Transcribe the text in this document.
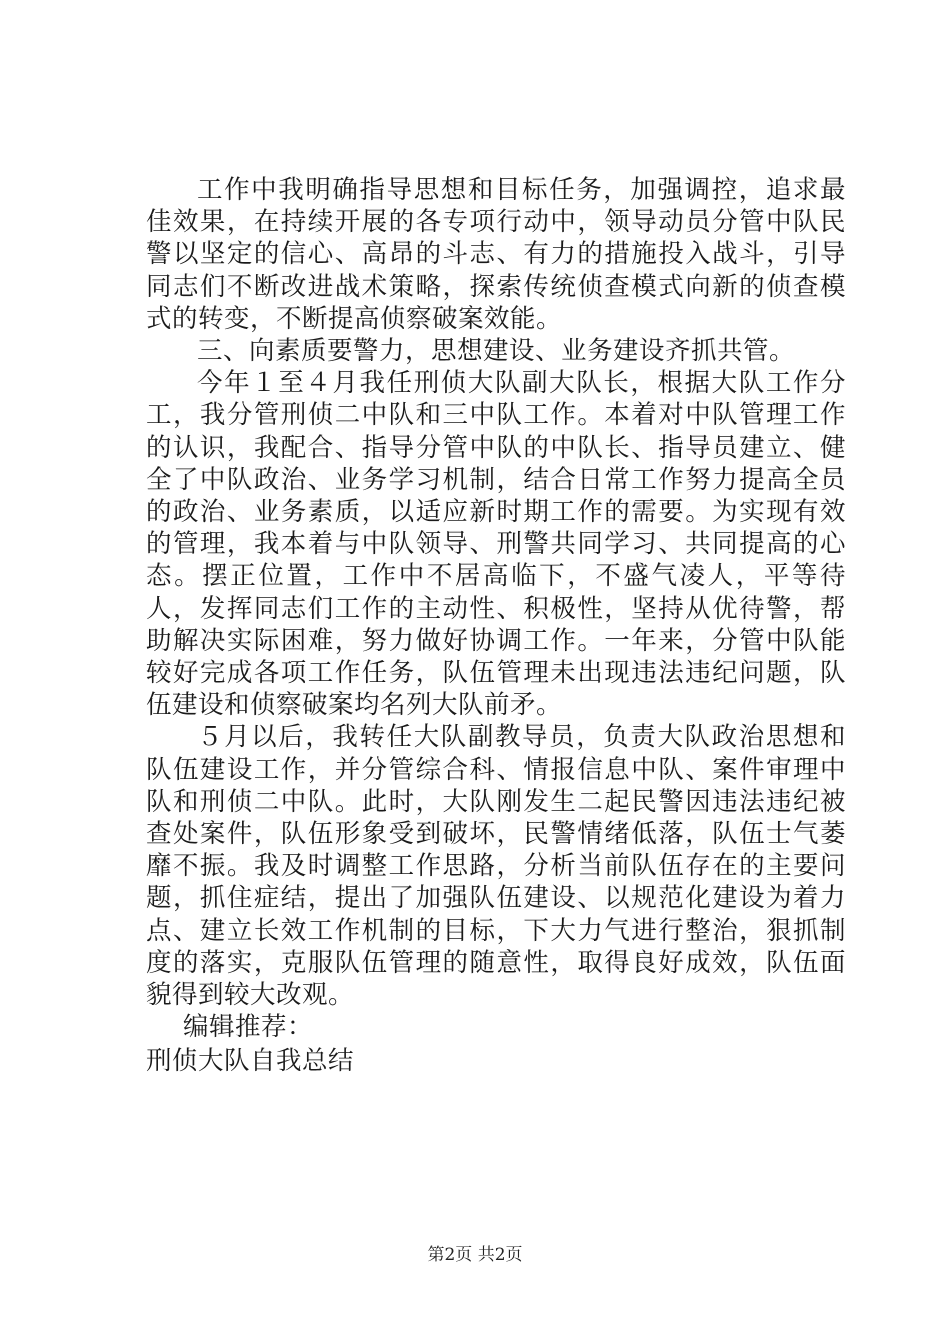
工作中我明确指导思想和目标任务，加强调控，追求最佳效果，在持续开展的各专项行动中，领导动员分管中队民警以坚定的信心、高昂的斗志、有力的措施投入战斗，引导同志们不断改进战术策略，探索传统侦查模式向新的侦查模式的转变，不断提高侦察破案效能。

三、向素质要警力，思想建设、业务建设齐抓共管。

今年１至４月我任刑侦大队副大队长，根据大队工作分工，我分管刑侦二中队和三中队工作。本着对中队管理工作的认识，我配合、指导分管中队的中队长、指导员建立、健全了中队政治、业务学习机制，结合日常工作努力提高全员的政治、业务素质，以适应新时期工作的需要。为实现有效的管理，我本着与中队领导、刑警共同学习、共同提高的心态。摆正位置，工作中不居高临下，不盛气凌人，平等待人，发挥同志们工作的主动性、积极性，坚持从优待警，帮助解决实际困难，努力做好协调工作。一年来，分管中队能较好完成各项工作任务，队伍管理未出现违法违纪问题，队伍建设和侦察破案均名列大队前矛。

５月以后，我转任大队副教导员，负责大队政治思想和队伍建设工作，并分管综合科、情报信息中队、案件审理中队和刑侦二中队。此时，大队刚发生二起民警因违法违纪被查处案件，队伍形象受到破坏，民警情绪低落，队伍士气萎靡不振。我及时调整工作思路，分析当前队伍存在的主要问题，抓住症结，提出了加强队伍建设、以规范化建设为着力点、建立长效工作机制的目标，下大力气进行整治，狠抓制度的落实，克服队伍管理的随意性，取得良好成效，队伍面貌得到较大改观。

编辑推荐：

刑侦大队自我总结

第2页 共2页
